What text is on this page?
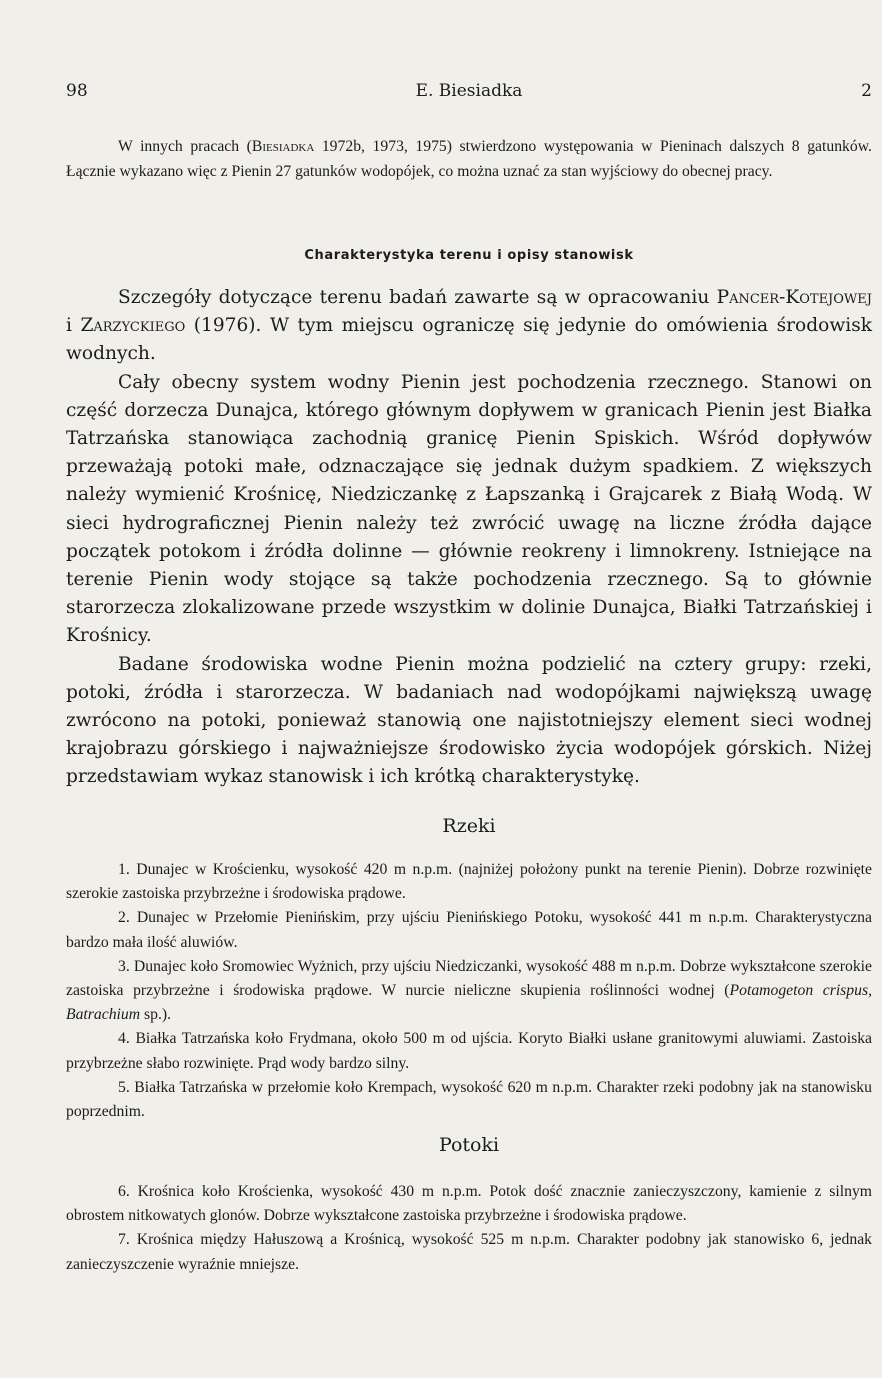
98	E. Biesiadka	2

W innych pracach (Biesiadka 1972b, 1973, 1975) stwierdzono występowania w Pieninach dalszych 8 gatunków. Łącznie wykazano więc z Pienin 27 gatunków wodopójek, co można uznać za stan wyjściowy do obecnej pracy.

Charakterystyka terenu i opisy stanowisk

Szczegóły dotyczące terenu badań zawarte są w opracowaniu Pancer-Kotejowej i Zarzyckiego (1976). W tym miejscu ograniczę się jedynie do omówienia środowisk wodnych.

Cały obecny system wodny Pienin jest pochodzenia rzecznego. Stanowi on część dorzecza Dunajca, którego głównym dopływem w granicach Pienin jest Białka Tatrzańska stanowiąca zachodnią granicę Pienin Spiskich. Wśród dopływów przeważają potoki małe, odznaczające się jednak dużym spadkiem. Z większych należy wymienić Krośnicę, Niedziczankę z Łapszanką i Grajcarek z Białą Wodą. W sieci hydrograficznej Pienin należy też zwrócić uwagę na liczne źródła dające początek potokom i źródła dolinne — głównie reokreny i limnokreny. Istniejące na terenie Pienin wody stojące są także pochodzenia rzecznego. Są to głównie starorzecza zlokalizowane przede wszystkim w dolinie Dunajca, Białki Tatrzańskiej i Krośnicy.

Badane środowiska wodne Pienin można podzielić na cztery grupy: rzeki, potoki, źródła i starorzecza. W badaniach nad wodopójkami największą uwagę zwrócono na potoki, ponieważ stanowią one najistotniejszy element sieci wodnej krajobrazu górskiego i najważniejsze środowisko życia wodopójek górskich. Niżej przedstawiam wykaz stanowisk i ich krótką charakterystykę.

Rzeki

1. Dunajec w Krościenku, wysokość 420 m n.p.m. (najniżej położony punkt na terenie Pienin). Dobrze rozwinięte szerokie zastoiska przybrzeżne i środowiska prądowe.

2. Dunajec w Przełomie Pienińskim, przy ujściu Pienińskiego Potoku, wysokość 441 m n.p.m. Charakterystyczna bardzo mała ilość aluwiów.

3. Dunajec koło Sromowiec Wyżnich, przy ujściu Niedziczanki, wysokość 488 m n.p.m. Dobrze wykształcone szerokie zastoiska przybrzeżne i środowiska prądowe. W nurcie nieliczne skupienia roślinności wodnej (Potamogeton crispus, Batrachium sp.).

4. Białka Tatrzańska koło Frydmana, około 500 m od ujścia. Koryto Białki usłane granitowymi aluwiami. Zastoiska przybrzeżne słabo rozwinięte. Prąd wody bardzo silny.

5. Białka Tatrzańska w przełomie koło Krempach, wysokość 620 m n.p.m. Charakter rzeki podobny jak na stanowisku poprzednim.

Potoki

6. Krośnica koło Krościenka, wysokość 430 m n.p.m. Potok dość znacznie zanieczyszczony, kamienie z silnym obrostem nitkowatych glonów. Dobrze wykształcone zastoiska przybrzeżne i środowiska prądowe.

7. Krośnica między Hałuszową a Krośnicą, wysokość 525 m n.p.m. Charakter podobny jak stanowisko 6, jednak zanieczyszczenie wyraźnie mniejsze.
